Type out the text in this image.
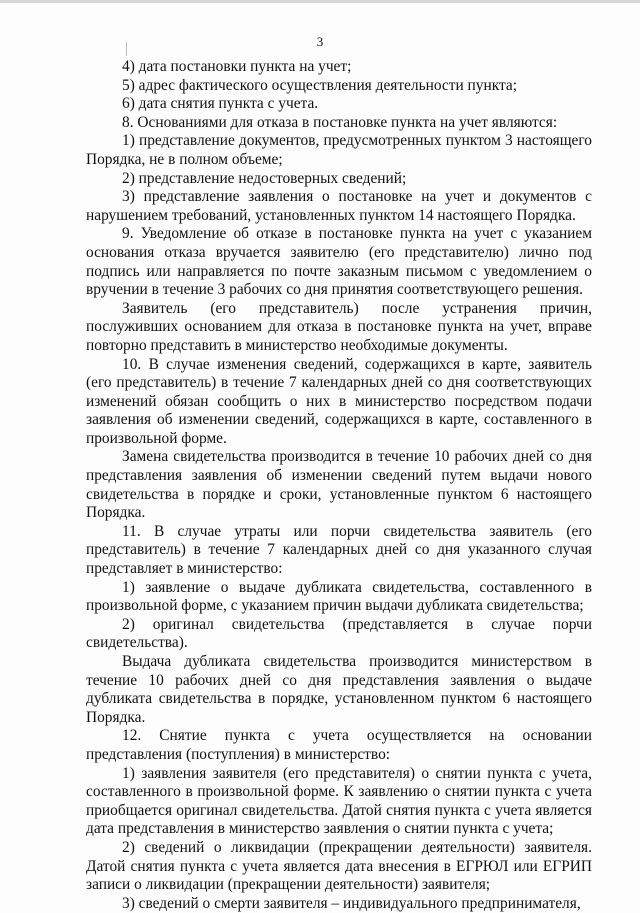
3

4) дата постановки пункта на учет;

5) адрес фактического осуществления деятельности пункта;

6) дата снятия пункта с учета.

8. Основаниями для отказа в постановке пункта на учет являются:

1) представление документов, предусмотренных пунктом 3 настоящего Порядка, не в полном объеме;

2) представление недостоверных сведений;

3) представление заявления о постановке на учет и документов с нарушением требований, установленных пунктом 14 настоящего Порядка.

9. Уведомление об отказе в постановке пункта на учет с указанием основания отказа вручается заявителю (его представителю) лично под подпись или направляется по почте заказным письмом с уведомлением о вручении в течение 3 рабочих со дня принятия соответствующего решения.

Заявитель (его представитель) после устранения причин, послуживших основанием для отказа в постановке пункта на учет, вправе повторно представить в министерство необходимые документы.

10. В случае изменения сведений, содержащихся в карте, заявитель (его представитель) в течение 7 календарных дней со дня соответствующих изменений обязан сообщить о них в министерство посредством подачи заявления об изменении сведений, содержащихся в карте, составленного в произвольной форме.

Замена свидетельства производится в течение 10 рабочих дней со дня представления заявления об изменении сведений путем выдачи нового свидетельства в порядке и сроки, установленные пунктом 6 настоящего Порядка.

11. В случае утраты или порчи свидетельства заявитель (его представитель) в течение 7 календарных дней со дня указанного случая представляет в министерство:

1) заявление о выдаче дубликата свидетельства, составленного в произвольной форме, с указанием причин выдачи дубликата свидетельства;

2) оригинал свидетельства (представляется в случае порчи свидетельства).

Выдача дубликата свидетельства производится министерством в течение 10 рабочих дней со дня представления заявления о выдаче дубликата свидетельства в порядке, установленном пунктом 6 настоящего Порядка.

12. Снятие пункта с учета осуществляется на основании представления (поступления) в министерство:

1) заявления заявителя (его представителя) о снятии пункта с учета, составленного в произвольной форме. К заявлению о снятии пункта с учета приобщается оригинал свидетельства. Датой снятия пункта с учета является дата представления в министерство заявления о снятии пункта с учета;

2) сведений о ликвидации (прекращении деятельности) заявителя. Датой снятия пункта с учета является дата внесения в ЕГРЮЛ или ЕГРИП записи о ликвидации (прекращении деятельности) заявителя;

3) сведений о смерти заявителя – индивидуального предпринимателя,
